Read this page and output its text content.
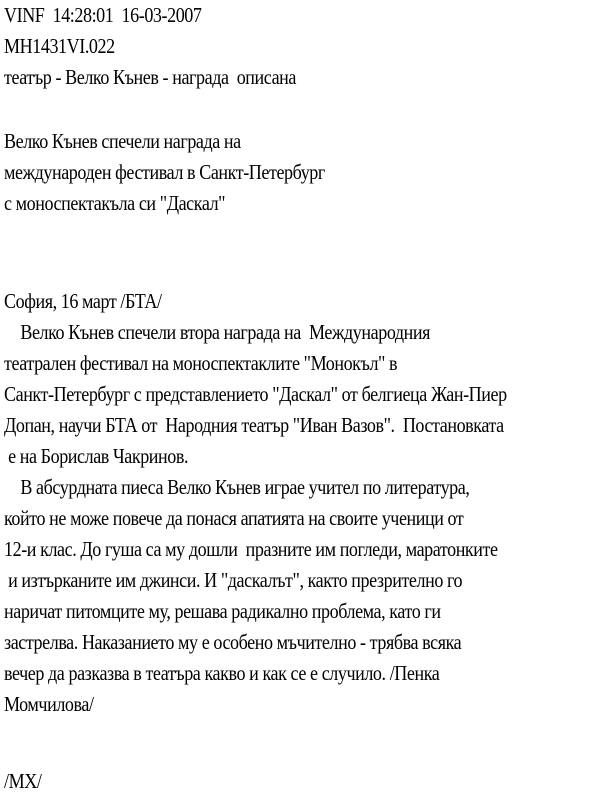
VINF  14:28:01  16-03-2007
MH1431VI.022
театър - Велко Кънев - награда  описана
Велко Кънев спечели награда на
международен фестивал в Санкт-Петербург
с моноспектакъла си "Даскал"
София, 16 март /БТА/
Велко Кънев спечели втора награда на  Международния
театрален фестивал на моноспектаклите "Монокъл" в
Санкт-Петербург с представлението "Даскал" от белгиеца Жан-Пиер
Допан, научи БТА от  Народния театър "Иван Вазов".  Постановката
е на Борислав Чакринов.
В абсурдната пиеса Велко Кънев играе учител по литература,
който не може повече да понася апатията на своите ученици от
12-и клас. До гуша са му дошли  празните им погледи, маратонките
и изтърканите им джинси. И "даскалът", както презрително го
наричат питомците му, решава радикално проблема, като ги
застрелва. Наказанието му е особено мъчително - трябва всяка
вечер да разказва в театъра какво и как се е случило. /Пенка
Момчилова/
/МХ/
